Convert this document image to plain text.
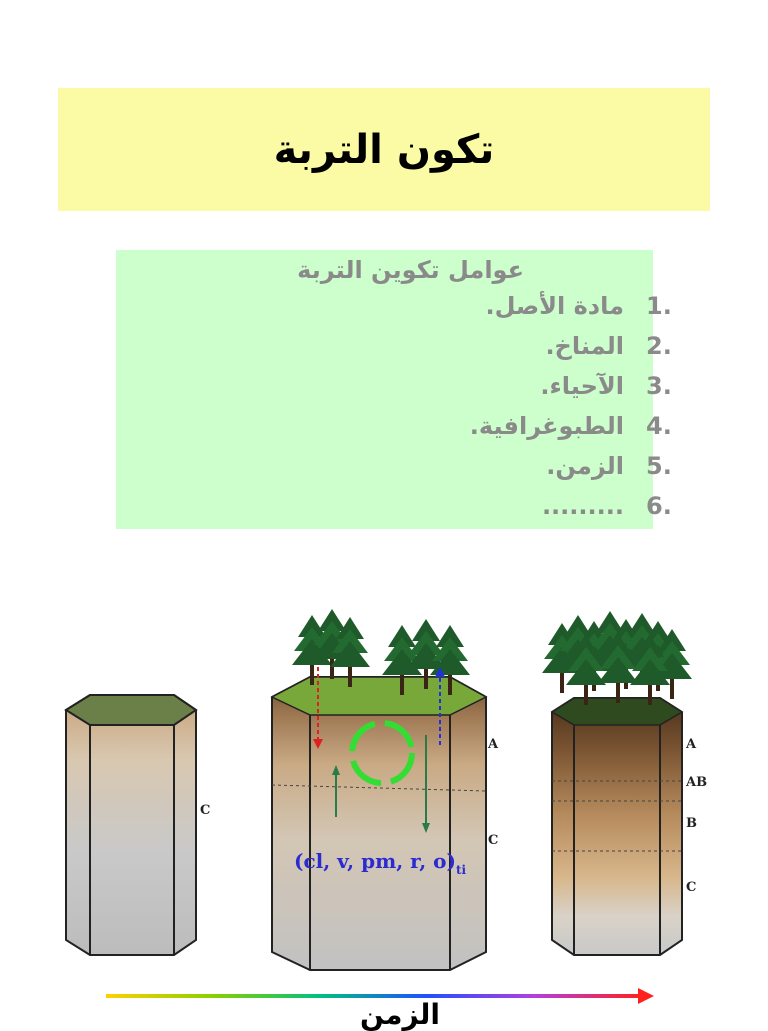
تكون التربة
عوامل تكوين التربة
1.
مادة الأصل.
2.
المناخ.
3.
الآحياء.
4.
الطبوغرافية.
5.
الزمن.
6.
.........
C
A
C
(cl, v, pm, r, $o)_{ti}$
A
AB
B
C
الزمن
